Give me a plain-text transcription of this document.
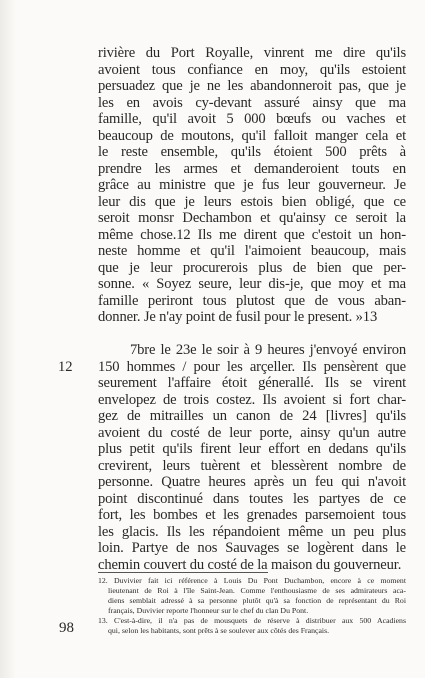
rivière du Port Royalle, vinrent me dire qu'ils
avoient tous confiance en moy, qu'ils estoient
persuadez que je ne les abandonneroit pas, que je
les en avois cy-devant assuré ainsy que ma
famille, qu'il avoit 5 000 bœufs ou vaches et
beaucoup de moutons, qu'il falloit manger cela et
le reste ensemble, qu'ils étoient 500 prêts à
prendre les armes et demanderoient touts en
grâce au ministre que je fus leur gouverneur. Je
leur dis que je leurs estois bien obligé, que ce
seroit monsr Dechambon et qu'ainsy ce seroit la
même chose.12 Ils me dirent que c'estoit un hon-
neste homme et qu'il l'aimoient beaucoup, mais
que je leur procurerois plus de bien que per-
sonne. « Soyez seure, leur dis-je, que moy et ma
famille periront tous plutost que de vous aban-
donner. Je n'ay point de fusil pour le present. »13
7bre le 23e le soir à 9 heures j'envoyé environ
150 hommes / pour les arçeller. Ils pensèrent que
seurement l'affaire étoit génerallé. Ils se virent
envelopez de trois costez. Ils avoient si fort char-
gez de mitrailles un canon de 24 [livres] qu'ils
avoient du costé de leur porte, ainsy qu'un autre
plus petit qu'ils firent leur effort en dedans qu'ils
crevirent, leurs tuèrent et blessèrent nombre de
personne. Quatre heures après un feu qui n'avoit
point discontinué dans toutes les partyes de ce
fort, les bombes et les grenades parsemoient tous
les glacis. Ils les répandoient même un peu plus
loin. Partye de nos Sauvages se logèrent dans le
chemin couvert du costé de la maison du gouverneur.
12
12. Duvivier fait ici référence à Louis Du Pont Duchambon, encore à ce moment
lieutenant de Roi à l'île Saint-Jean. Comme l'enthousiasme de ses admirateurs aca-
diens semblait adressé à sa personne plutôt qu'à sa fonction de représentant du Roi
français, Duvivier reporte l'honneur sur le chef du clan Du Pont.
13. C'est-à-dire, il n'a pas de mousquets de réserve à distribuer aux 500 Acadiens
qui, selon les habitants, sont prêts à se soulever aux côtés des Français.
98
